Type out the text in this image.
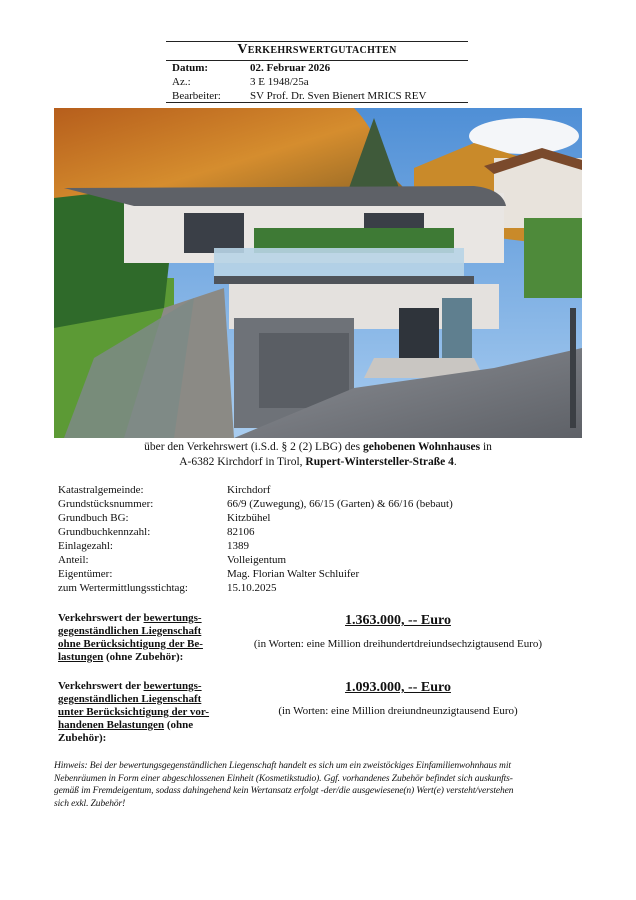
Verkehrswertgutachten
Datum:	02. Februar 2026
Az.:	3 E 1948/25a
Bearbeiter:	SV Prof. Dr. Sven Bienert MRICS REV
über den Verkehrswert (i.S.d. § 2 (2) LBG) des gehobenen Wohnhauses in
A-6382 Kirchdorf in Tirol, Rupert-Wintersteller-Straße 4.
Katastralgemeinde:	Kirchdorf
Grundstücksnummer:	66/9 (Zuwegung), 66/15 (Garten) & 66/16 (bebaut)
Grundbuch BG:	Kitzbühel
Grundbuchkennzahl:	82106
Einlagezahl:	1389
Anteil:	Volleigentum
Eigentümer:	Mag. Florian Walter Schluifer
zum Wertermittlungsstichtag:	15.10.2025
Verkehrswert der bewertungs-
gegenständlichen Liegenschaft
ohne Berücksichtigung der Be-
lastungen (ohne Zubehör):
1.363.000, -- Euro
(in Worten: eine Million dreihundertdreiundsechzigtausend Euro)
Verkehrswert der bewertungs-
gegenständlichen Liegenschaft
unter Berücksichtigung der vor-
handenen Belastungen (ohne
Zubehör):
1.093.000, -- Euro
(in Worten: eine Million dreiundneunzigtausend Euro)
Hinweis: Bei der bewertungsgegenständlichen Liegenschaft handelt es sich um ein zweistöckiges Einfamilienwohnhaus mit
Nebenräumen in Form einer abgeschlossenen Einheit (Kosmetikstudio). Ggf. vorhandenes Zubehör befindet sich auskunfts-
gemäß im Fremdeigentum, sodass dahingehend kein Wertansatz erfolgt -der/die ausgewiesene(n) Wert(e) versteht/verstehen
sich exkl. Zubehör!
